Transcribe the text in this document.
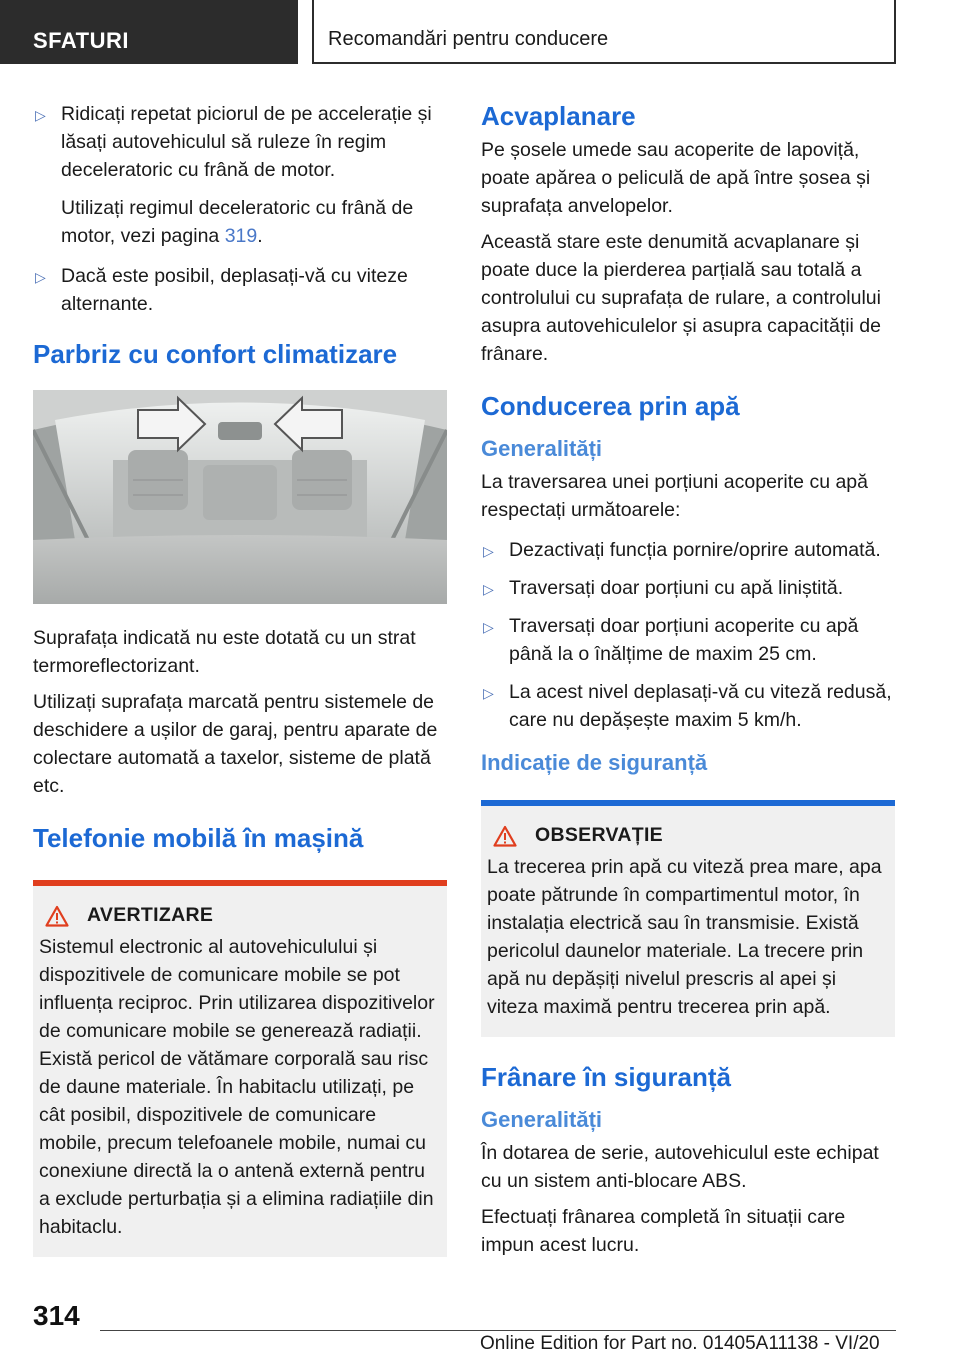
SFATURI	Recomandări pentru conducere
▷ Ridicați repetat piciorul de pe accelerație și lăsați autovehiculul să ruleze în regim deceleratoric cu frână de motor.
Utilizați regimul deceleratoric cu frână de motor, vezi pagina 319.
▷ Dacă este posibil, deplasați-vă cu viteze alternante.
Parbriz cu confort climatizare

Suprafața indicată nu este dotată cu un strat termoreflectorizant.

Utilizați suprafața marcată pentru sistemele de deschidere a ușilor de garaj, pentru aparate de colectare automată a taxelor, sisteme de plată etc.

Telefonie mobilă în mașină
AVERTIZARE

Sistemul electronic al autovehiculului și dispozitivele de comunicare mobile se pot influența reciproc. Prin utilizarea dispozitivelor de comunicare mobile se generează radiații. Există pericol de vătămare corporală sau risc de daune materiale. În habitaclu utilizați, pe cât posibil, dispozitivele de comunicare mobile, precum telefoanele mobile, numai cu conexiune directă la o antenă externă pentru a exclude perturbația și a elimina radiațiile din habitaclu.

Acvaplanare

Pe șosele umede sau acoperite de lapoviță, poate apărea o peliculă de apă între șosea și suprafața anvelopelor.

Această stare este denumită acvaplanare și poate duce la pierderea parțială sau totală a controlului cu suprafața de rulare, a controlului asupra autovehiculelor și asupra capacității de frânare.

Conducerea prin apă
Generalități

La traversarea unei porțiuni acoperite cu apă respectați următoarele:

▷ Dezactivați funcția pornire/oprire automată.
▷ Traversați doar porțiuni cu apă liniștită.
▷ Traversați doar porțiuni acoperite cu apă până la o înălțime de maxim 25 cm.
▷ La acest nivel deplasați-vă cu viteză redusă, care nu depășește maxim 5 km/h.
Indicație de siguranță
OBSERVAȚIE

La trecerea prin apă cu viteză prea mare, apa poate pătrunde în compartimentul motor, în instalația electrică sau în transmisie. Există pericolul daunelor materiale. La trecere prin apă nu depășiți nivelul prescris al apei și viteza maximă pentru trecerea prin apă.

Frânare în siguranță
Generalități

În dotarea de serie, autovehiculul este echipat cu un sistem anti-blocare ABS.

Efectuați frânarea completă în situații care impun acest lucru.

314
Online Edition for Part no. 01405A11138 - VI/20
